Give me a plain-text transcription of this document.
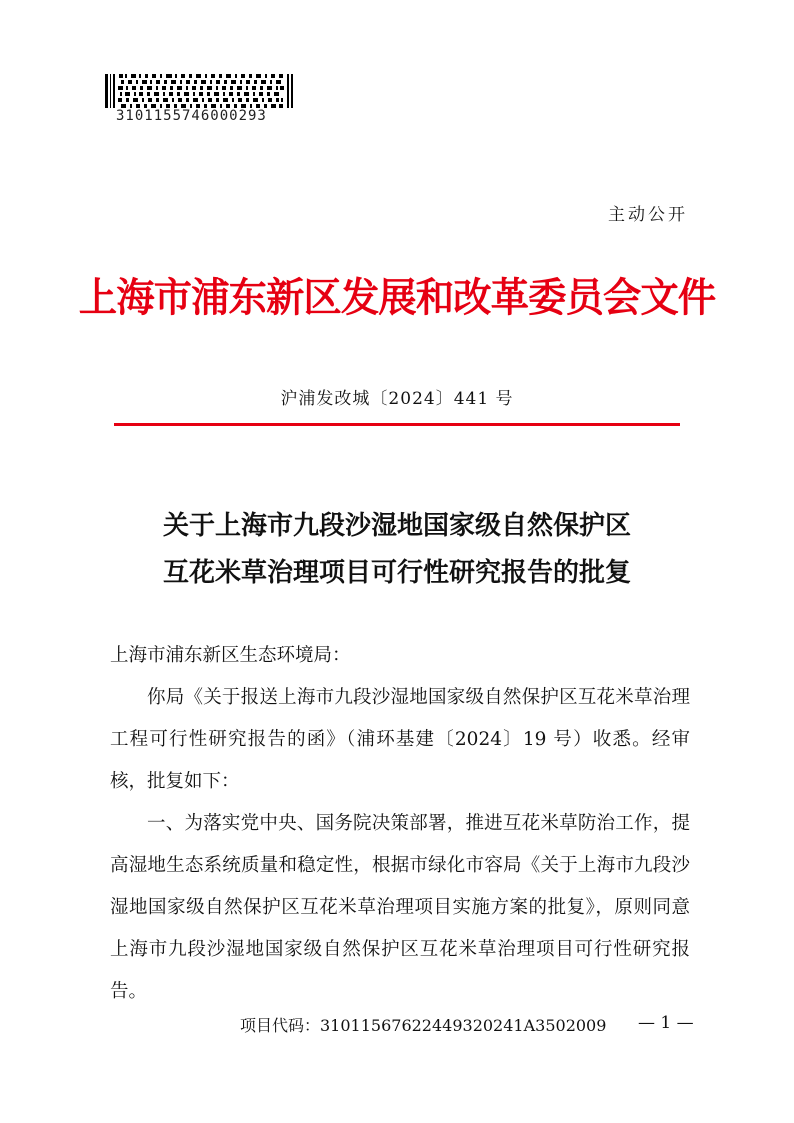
3101155746000293
主动公开
上海市浦东新区发展和改革委员会文件
沪浦发改城〔2024〕441 号
关于上海市九段沙湿地国家级自然保护区
互花米草治理项目可行性研究报告的批复
上海市浦东新区生态环境局：
你局《关于报送上海市九段沙湿地国家级自然保护区互花米草治理工程可行性研究报告的函》（浦环基建〔2024〕19 号）收悉。经审核，批复如下：
一、为落实党中央、国务院决策部署，推进互花米草防治工作，提高湿地生态系统质量和稳定性，根据市绿化市容局《关于上海市九段沙湿地国家级自然保护区互花米草治理项目实施方案的批复》，原则同意上海市九段沙湿地国家级自然保护区互花米草治理项目可行性研究报告。
项目代码：31011567622449320241A3502009 — 1 —
